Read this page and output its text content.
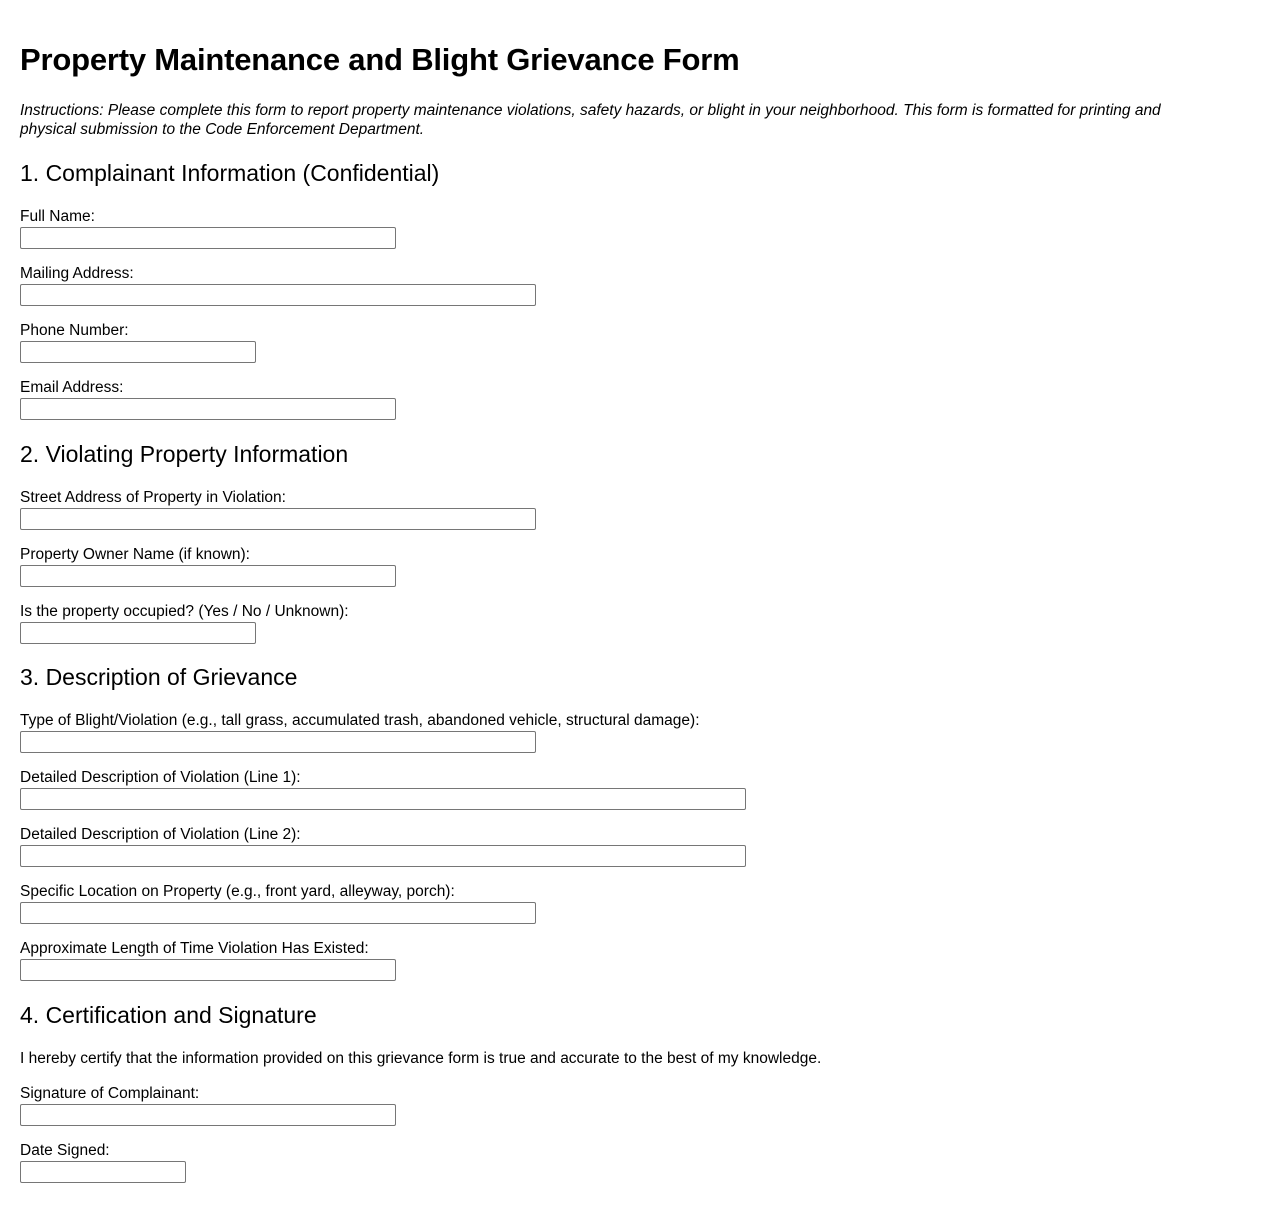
Property Maintenance and Blight Grievance Form

Instructions: Please complete this form to report property maintenance violations, safety hazards, or blight in your neighborhood. This form is formatted for printing and physical submission to the Code Enforcement Department.

1. Complainant Information (Confidential)
Full Name:
Mailing Address:
Phone Number:
Email Address:
2. Violating Property Information
Street Address of Property in Violation:
Property Owner Name (if known):
Is the property occupied? (Yes / No / Unknown):
3. Description of Grievance
Type of Blight/Violation (e.g., tall grass, accumulated trash, abandoned vehicle, structural damage):
Detailed Description of Violation (Line 1):
Detailed Description of Violation (Line 2):
Specific Location on Property (e.g., front yard, alleyway, porch):
Approximate Length of Time Violation Has Existed:
4. Certification and Signature

I hereby certify that the information provided on this grievance form is true and accurate to the best of my knowledge.

Signature of Complainant:
Date Signed:
